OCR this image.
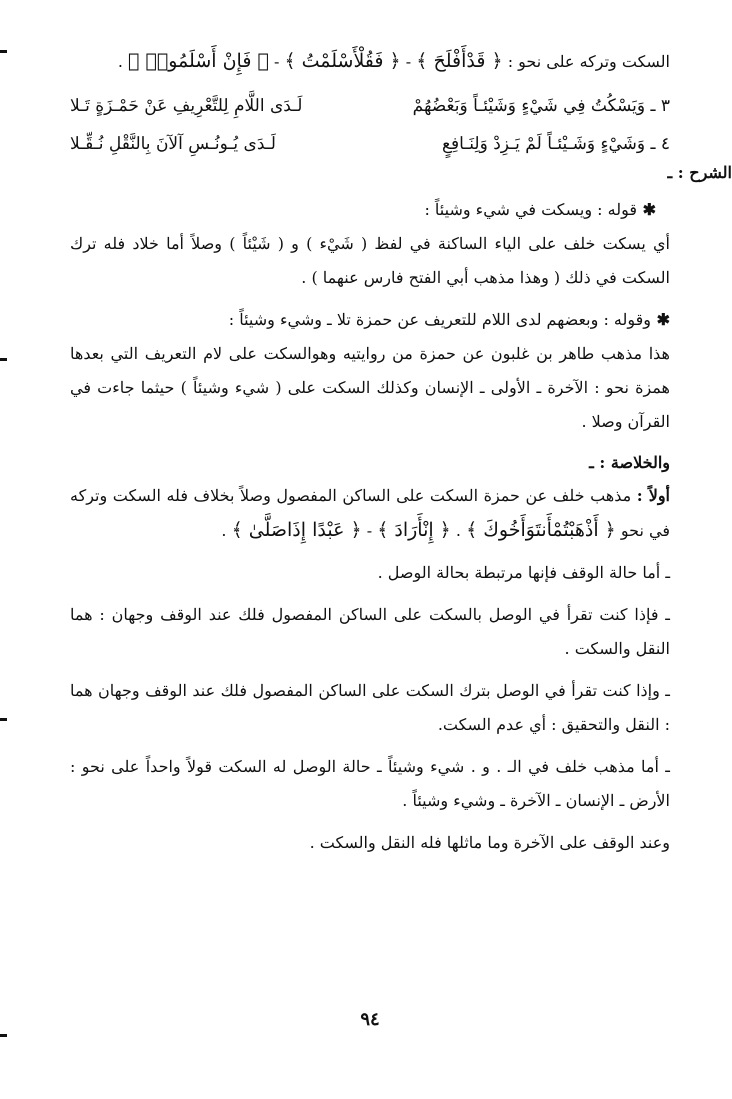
السكت وتركه على نحو : ﴿ قَدْأَفْلَحَ ﴾ - ﴿ فَقُلْأَسْلَمْتُ ﴾ - ﴿ فَإِنْ أَسْلَمُوا۟ ﴾ .

٣ ـ وَيَسْكُتُ فِي شَيْءٍ وَشَيْئـاً وَبَعْضُهُمْ
لَـدَى اللَّامِ لِلتَّعْرِيفِ عَنْ حَمْـزَةٍ تَـلا
٤ ـ وَشَيْءٍ وَشَـيْئـاً لَمْ يَـزِدْ وَلِنَـافِعٍ
لَـدَى يُـونُـسِ آلآنَ بِالنَّقْلِ نُـقِّـلا
الشرح : ـ

✱ قوله : ويسكت في شيء وشيئاً :

أي يسكت خلف على الياء الساكنة في لفظ ( شَيْء ) و ( شَيْئاً ) وصلاً أما خلاد فله ترك السكت في ذلك ( وهذا مذهب أبي الفتح فارس عنهما ) .

✱ وقوله : وبعضهم لدى اللام للتعريف عن حمزة تلا ـ وشيء وشيئاً :

هذا مذهب طاهر بن غلبون عن حمزة من روايتيه وهوالسكت على لام التعريف التي بعدها همزة نحو : الآخرة ـ الأولى ـ الإنسان وكذلك السكت على ( شيء وشيئاً ) حيثما جاءت في القرآن وصلا .

والخلاصة : ـ

أولاً : مذهب خلف عن حمزة السكت على الساكن المفصول وصلاً بخلاف فله السكت وتركه في نحو ﴿ أَذْهَبْتُمْأَنتَوَأَخُوكَ ﴾ . ﴿ إِنْأَرَادَ ﴾ - ﴿ عَبْدًا إِذَاصَلَّىٰ ﴾ .

ـ أما حالة الوقف فإنها مرتبطة بحالة الوصل .

ـ فإذا كنت تقرأ في الوصل بالسكت على الساكن المفصول فلك عند الوقف وجهان : هما النقل والسكت .

ـ وإذا كنت تقرأ في الوصل بترك السكت على الساكن المفصول فلك عند الوقف وجهان هما : النقل والتحقيق : أي عدم السكت.

ـ أما مذهب خلف في الـ . و . شيء وشيئاً ـ حالة الوصل له السكت قولاً واحداً على نحو : الأرض ـ الإنسان ـ الآخرة ـ وشيء وشيئاً .

وعند الوقف على الآخرة وما ماثلها فله النقل والسكت .

٩٤
